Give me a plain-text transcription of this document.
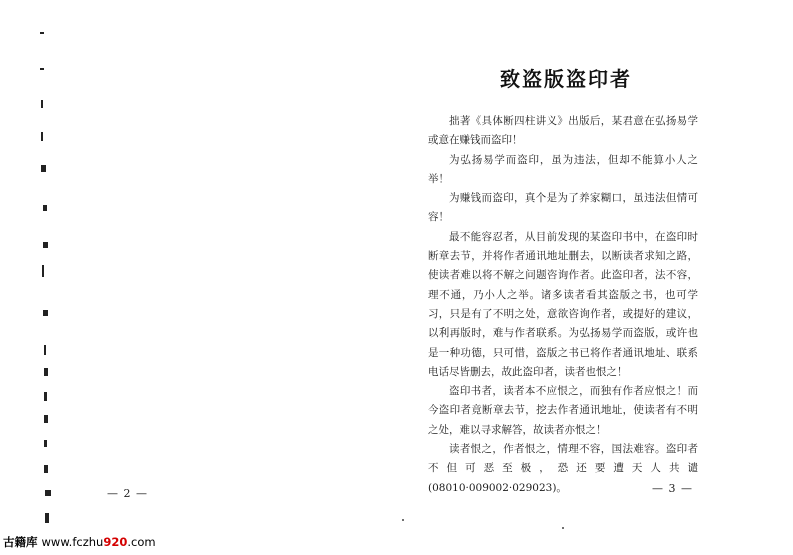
— 2 —
致盗版盗印者

拙著《具体断四柱讲义》出版后，某君意在弘扬易学或意在赚钱而盗印！

为弘扬易学而盗印，虽为违法，但却不能算小人之举！

为赚钱而盗印，真个是为了养家糊口，虽违法但情可容！

最不能容忍者，从目前发现的某盗印书中，在盗印时断章去节，并将作者通讯地址删去，以断读者求知之路，使读者难以将不解之问题咨询作者。此盗印者，法不容，理不通，乃小人之举。诸多读者看其盗版之书，也可学习，只是有了不明之处，意欲咨询作者，或提好的建议，以利再版时，难与作者联系。为弘扬易学而盗版，或许也是一种功德，只可惜，盗版之书已将作者通讯地址、联系电话尽皆删去，故此盗印者，读者也恨之！

盗印书者，读者本不应恨之，而独有作者应恨之！而今盗印者竟断章去节，挖去作者通讯地址，使读者有不明之处，难以寻求解答，故读者亦恨之！

读者恨之，作者恨之，情理不容，国法难容。盗印者不但可恶至极，恐还要遭天人共谴(08010·009002·029023)。	— 3 —
古籍库 www.fczhu920.com
